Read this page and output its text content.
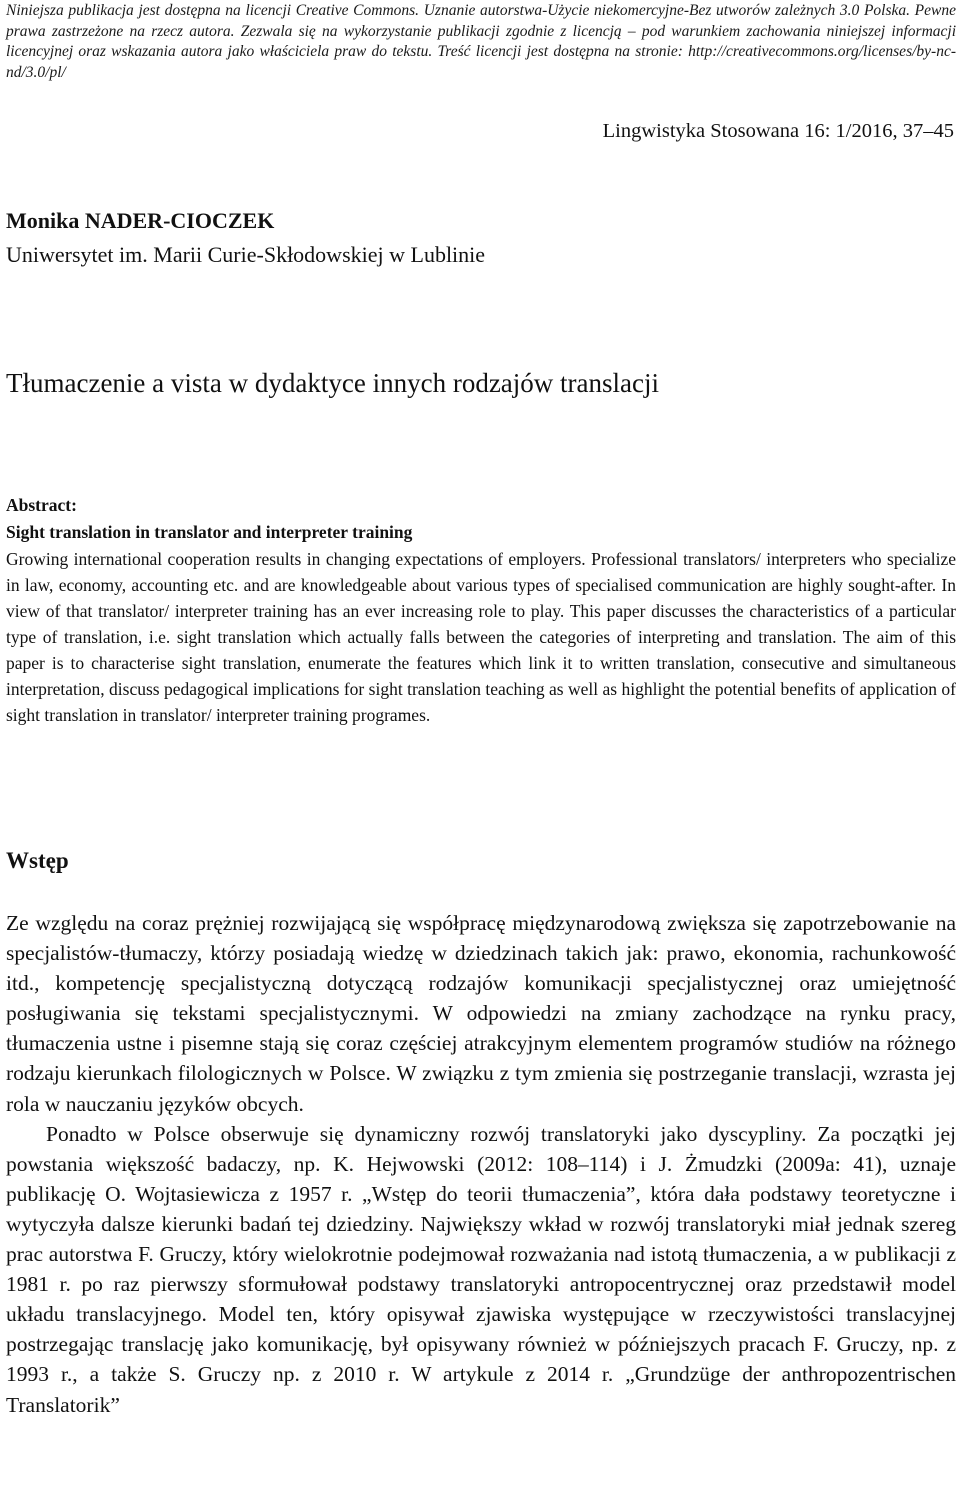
Niniejsza publikacja jest dostępna na licencji Creative Commons. Uznanie autorstwa-Użycie niekomercyjne-Bez utworów zależnych 3.0 Polska. Pewne prawa zastrzeżone na rzecz autora. Zezwala się na wykorzystanie publikacji zgodnie z licencją – pod warunkiem zachowania niniejszej informacji licencyjnej oraz wskazania autora jako właściciela praw do tekstu. Treść licencji jest dostępna na stronie: http://creativecommons.org/licenses/by-nc-nd/3.0/pl/
Lingwistyka Stosowana 16: 1/2016, 37–45
Monika NADER-CIOCZEK
Uniwersytet im. Marii Curie-Skłodowskiej w Lublinie
Tłumaczenie a vista w dydaktyce innych rodzajów translacji
Abstract:
Sight translation in translator and interpreter training
Growing international cooperation results in changing expectations of employers. Professional translators/ interpreters who specialize in law, economy, accounting etc. and are knowledgeable about various types of specialised communication are highly sought-after. In view of that translator/ interpreter training has an ever increasing role to play. This paper discusses the characteristics of a particular type of translation, i.e. sight translation which actually falls between the categories of interpreting and translation. The aim of this paper is to characterise sight translation, enumerate the features which link it to written translation, consecutive and simultaneous interpretation, discuss pedagogical implications for sight translation teaching as well as highlight the potential benefits of application of sight translation in translator/ interpreter training programes.
Wstęp

Ze względu na coraz prężniej rozwijającą się współpracę międzynarodową zwiększa się zapotrzebowanie na specjalistów-tłumaczy, którzy posiadają wiedzę w dziedzinach takich jak: prawo, ekonomia, rachunkowość itd., kompetencję specjalistyczną dotyczącą rodzajów komunikacji specjalistycznej oraz umiejętność posługiwania się tekstami specjalistycznymi. W odpowiedzi na zmiany zachodzące na rynku pracy, tłumaczenia ustne i pisemne stają się coraz częściej atrakcyjnym elementem programów studiów na różnego rodzaju kierunkach filologicznych w Polsce. W związku z tym zmienia się postrzeganie translacji, wzrasta jej rola w nauczaniu języków obcych.

Ponadto w Polsce obserwuje się dynamiczny rozwój translatoryki jako dyscypliny. Za początki jej powstania większość badaczy, np. K. Hejwowski (2012: 108–114) i J. Żmudzki (2009a: 41), uznaje publikację O. Wojtasiewicza z 1957 r. „Wstęp do teorii tłumaczenia”, która dała podstawy teoretyczne i wytyczyła dalsze kierunki badań tej dziedziny. Największy wkład w rozwój translatoryki miał jednak szereg prac autorstwa F. Gruczy, który wielokrotnie podejmował rozważania nad istotą tłumaczenia, a w publikacji z 1981 r. po raz pierwszy sformułował podstawy translatoryki antropocentrycznej oraz przedstawił model układu translacyjnego. Model ten, który opisywał zjawiska występujące w rzeczywistości translacyjnej postrzegając translację jako komunikację, był opisywany również w późniejszych pracach F. Gruczy, np. z 1993 r., a także S. Gruczy np. z 2010 r. W artykule z 2014 r. „Grundzüge der anthropozentrischen Translatorik”
